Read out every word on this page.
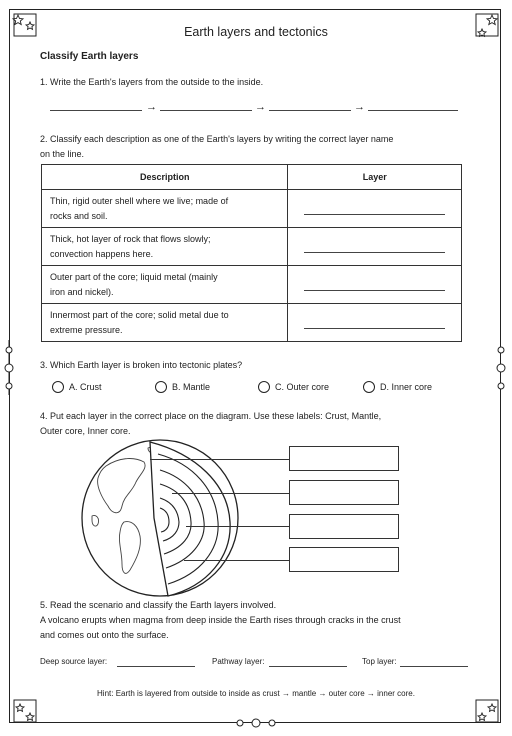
Earth layers and tectonics
Classify Earth layers
1. Write the Earth's layers from the outside to the inside.
→	→	→
2. Classify each description as one of the Earth's layers by writing the correct layer name
on the line.
Description	Layer
Thin, rigid outer shell where we live; made of
rocks and soil.	

Thick, hot layer of rock that flows slowly;
convection happens here.	

Outer part of the core; liquid metal (mainly
iron and nickel).	

Innermost part of the core; solid metal due to
extreme pressure.	
3. Which Earth layer is broken into tectonic plates?
A. Crust	B. Mantle	C. Outer core	D. Inner core
4. Put each layer in the correct place on the diagram. Use these labels: Crust, Mantle,
Outer core, Inner core.
5. Read the scenario and classify the Earth layers involved.
A volcano erupts when magma from deep inside the Earth rises through cracks in the crust
and comes out onto the surface.
Deep source layer:	Pathway layer:	Top layer:
Hint: Earth is layered from outside to inside as crust → mantle → outer core → inner core.
